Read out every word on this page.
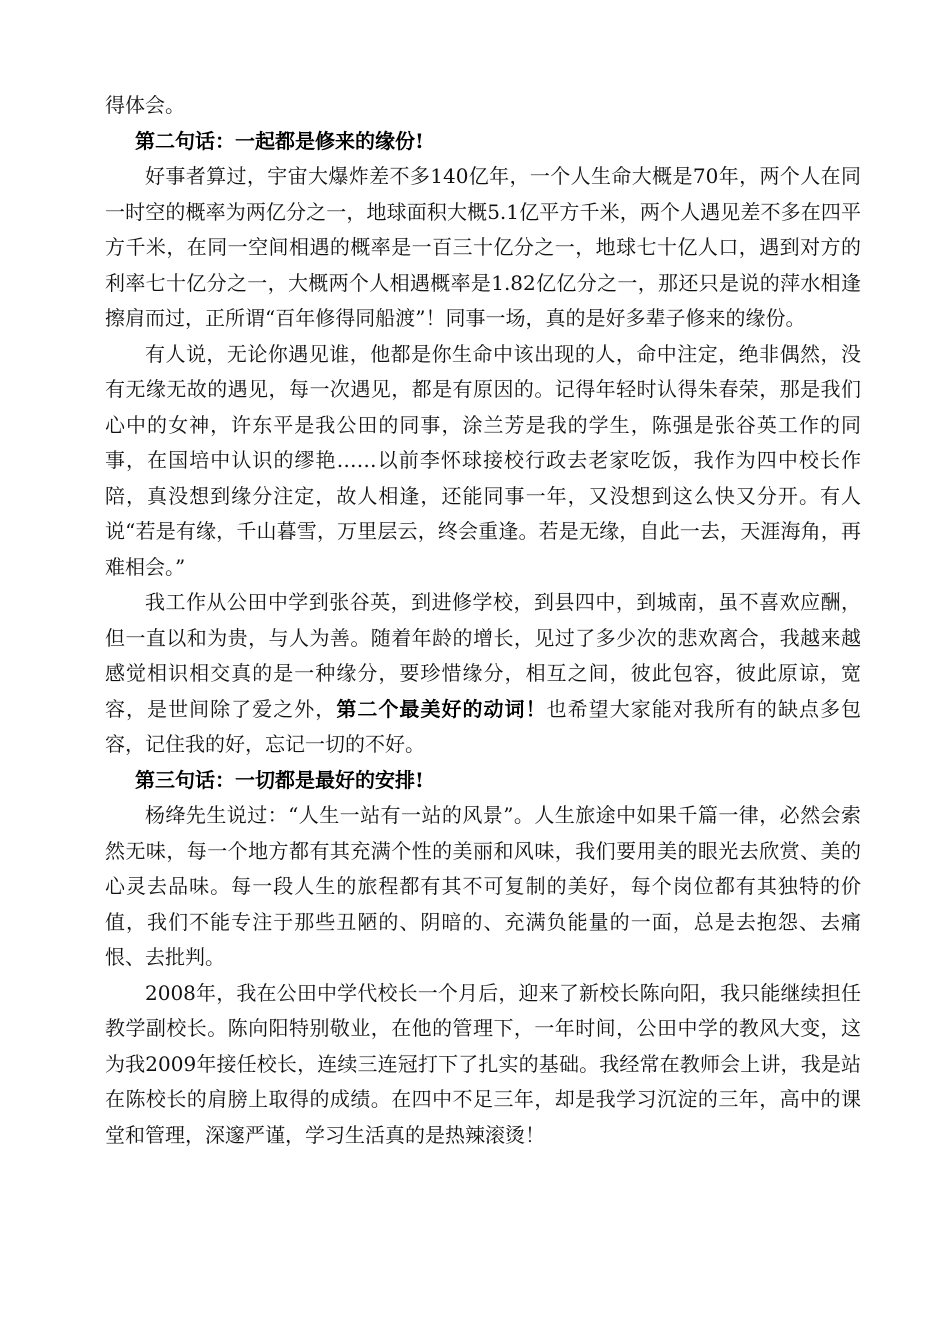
得体会。

第二句话：一起都是修来的缘份!

好事者算过，宇宙大爆炸差不多140亿年，一个人生命大概是70年，两个人在同一时空的概率为两亿分之一，地球面积大概5.1亿平方千米，两个人遇见差不多在四平方千米，在同一空间相遇的概率是一百三十亿分之一，地球七十亿人口，遇到对方的利率七十亿分之一，大概两个人相遇概率是1.82亿亿分之一，那还只是说的萍水相逢擦肩而过，正所谓“百年修得同船渡”！同事一场，真的是好多辈子修来的缘份。

有人说，无论你遇见谁，他都是你生命中该出现的人，命中注定，绝非偶然，没有无缘无故的遇见，每一次遇见，都是有原因的。记得年轻时认得朱春荣，那是我们心中的女神，许东平是我公田的同事，涂兰芳是我的学生，陈强是张谷英工作的同事，在国培中认识的缪艳……以前李怀球接校行政去老家吃饭，我作为四中校长作陪，真没想到缘分注定，故人相逢，还能同事一年，又没想到这么快又分开。有人说“若是有缘，千山暮雪，万里层云，终会重逢。若是无缘，自此一去，天涯海角，再难相会。”

我工作从公田中学到张谷英，到进修学校，到县四中，到城南，虽不喜欢应酬，但一直以和为贵，与人为善。随着年龄的增长，见过了多少次的悲欢离合，我越来越感觉相识相交真的是一种缘分，要珍惜缘分，相互之间，彼此包容，彼此原谅，宽容，是世间除了爱之外，第二个最美好的动词！也希望大家能对我所有的缺点多包容，记住我的好，忘记一切的不好。

第三句话：一切都是最好的安排!

杨绛先生说过：“人生一站有一站的风景”。人生旅途中如果千篇一律，必然会索然无味，每一个地方都有其充满个性的美丽和风味，我们要用美的眼光去欣赏、美的心灵去品味。每一段人生的旅程都有其不可复制的美好，每个岗位都有其独特的价值，我们不能专注于那些丑陋的、阴暗的、充满负能量的一面，总是去抱怨、去痛恨、去批判。

2008年，我在公田中学代校长一个月后，迎来了新校长陈向阳，我只能继续担任教学副校长。陈向阳特别敬业，在他的管理下，一年时间，公田中学的教风大变，这为我2009年接任校长，连续三连冠打下了扎实的基础。我经常在教师会上讲，我是站在陈校长的肩膀上取得的成绩。在四中不足三年，却是我学习沉淀的三年，高中的课堂和管理，深邃严谨，学习生活真的是热辣滚烫！
